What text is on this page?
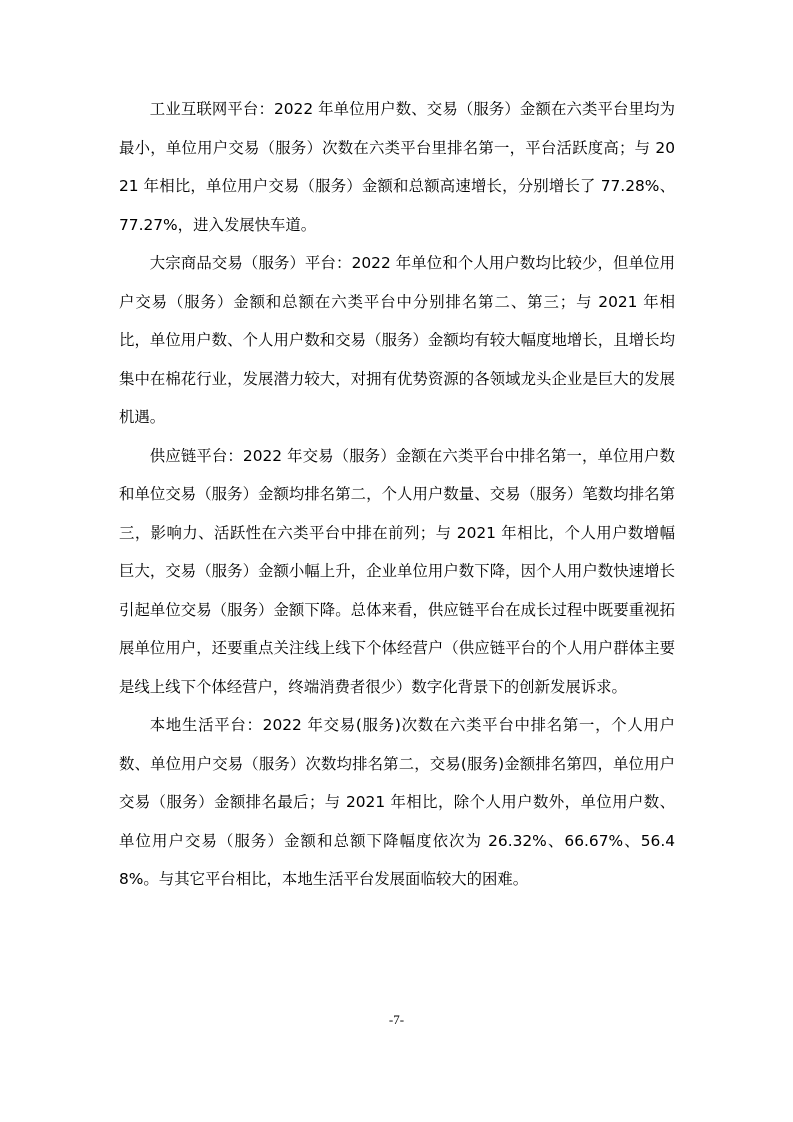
工业互联网平台：2022 年单位用户数、交易（服务）金额在六类平台里均为最小，单位用户交易（服务）次数在六类平台里排名第一，平台活跃度高；与 2021 年相比，单位用户交易（服务）金额和总额高速增长，分别增长了 77.28%、77.27%，进入发展快车道。

大宗商品交易（服务）平台：2022 年单位和个人用户数均比较少，但单位用户交易（服务）金额和总额在六类平台中分别排名第二、第三；与 2021 年相比，单位用户数、个人用户数和交易（服务）金额均有较大幅度地增长，且增长均集中在棉花行业，发展潜力较大，对拥有优势资源的各领域龙头企业是巨大的发展机遇。

供应链平台：2022 年交易（服务）金额在六类平台中排名第一，单位用户数和单位交易（服务）金额均排名第二，个人用户数量、交易（服务）笔数均排名第三，影响力、活跃性在六类平台中排在前列；与 2021 年相比，个人用户数增幅巨大，交易（服务）金额小幅上升，企业单位用户数下降，因个人用户数快速增长引起单位交易（服务）金额下降。总体来看，供应链平台在成长过程中既要重视拓展单位用户，还要重点关注线上线下个体经营户（供应链平台的个人用户群体主要是线上线下个体经营户，终端消费者很少）数字化背景下的创新发展诉求。

本地生活平台：2022 年交易(服务)次数在六类平台中排名第一，个人用户数、单位用户交易（服务）次数均排名第二，交易(服务)金额排名第四，单位用户交易（服务）金额排名最后；与 2021 年相比，除个人用户数外，单位用户数、单位用户交易（服务）金额和总额下降幅度依次为 26.32%、66.67%、56.48%。与其它平台相比，本地生活平台发展面临较大的困难。

-7-
